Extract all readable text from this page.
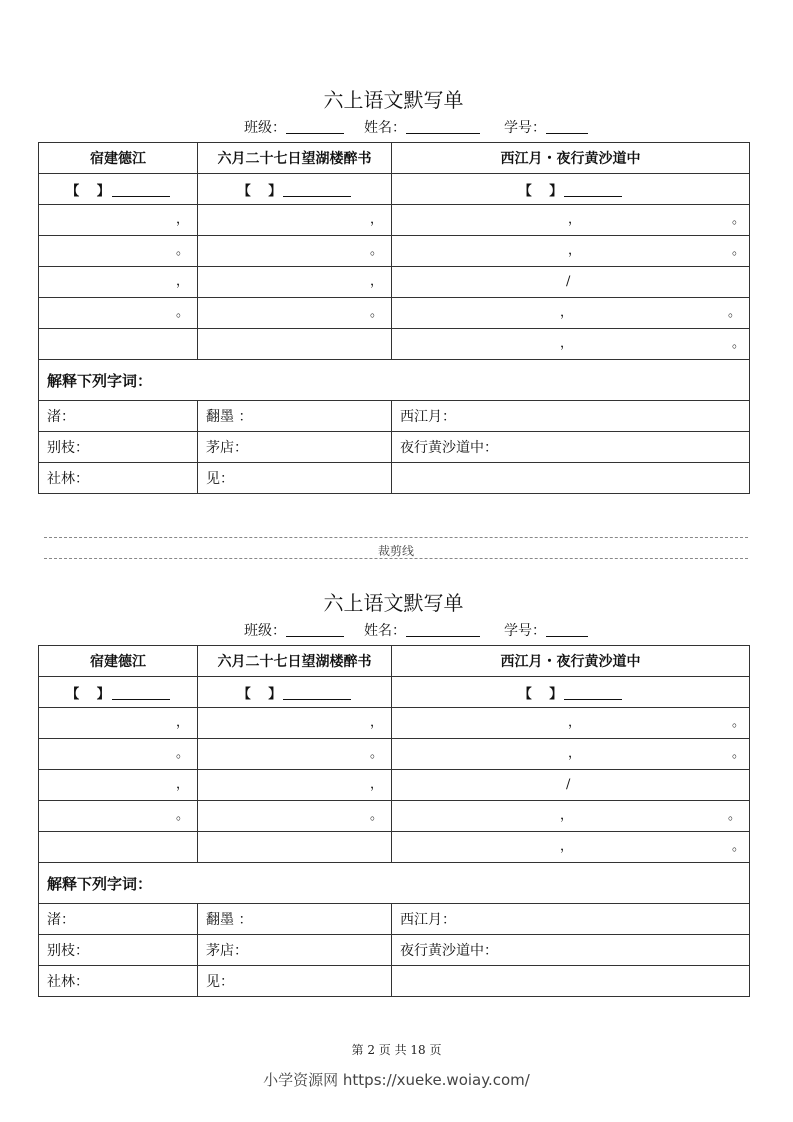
六上语文默写单
班级：	姓名：	学号：
宿建德江	六月二十七日望湖楼醉书	西江月・夜行黄沙道中
【　 】	【　 】	【　 】

，	，	， 。

。	。	， 。

，	，	/

。	。	， 。

		， 。

解释下列字词：		
渚：	翻墨 ：	西江月：
别枝：	茅店：	夜行黄沙道中：
社林：	见：	
裁剪线
六上语文默写单
班级：	姓名：	学号：
宿建德江	六月二十七日望湖楼醉书	西江月・夜行黄沙道中
【　 】	【　 】	【　 】

，	，	， 。

。	。	， 。

，	，	/

。	。	， 。

		， 。

解释下列字词：		
渚：	翻墨 ：	西江月：
别枝：	茅店：	夜行黄沙道中：
社林：	见：	
第 2 页 共 18 页
小学资源网 https://xueke.woiay.com/
